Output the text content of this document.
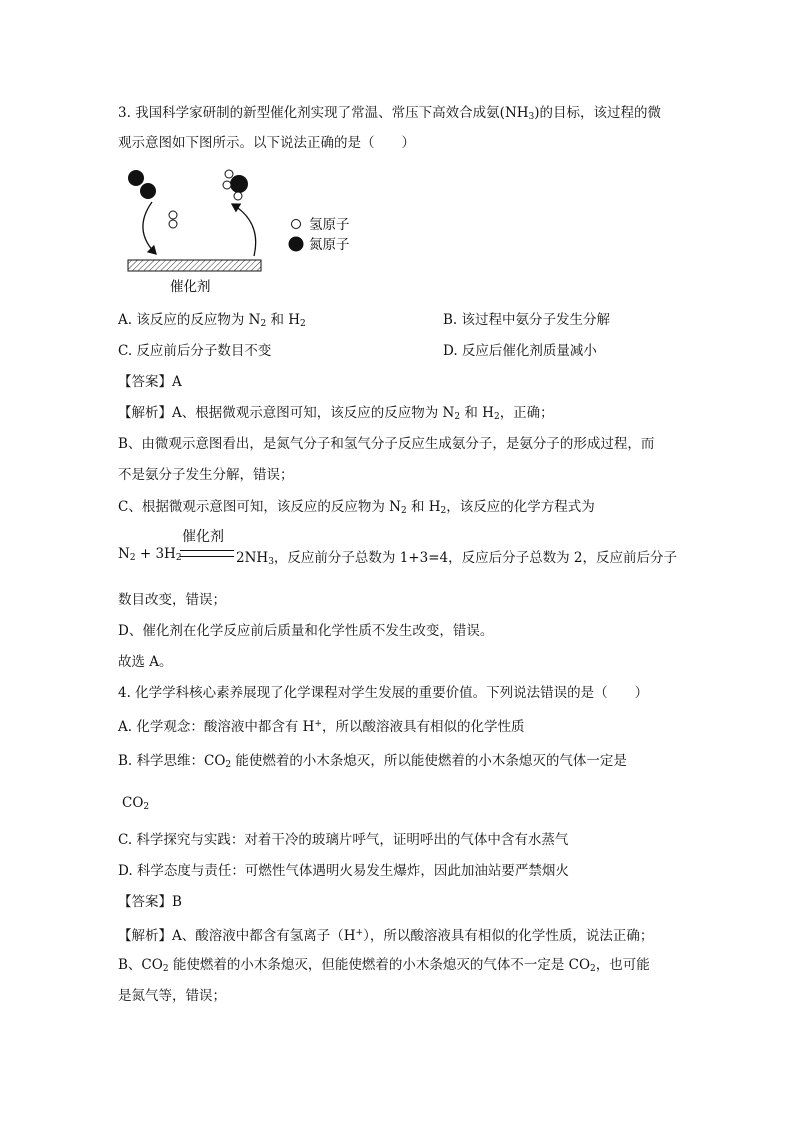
3. 我国科学家研制的新型催化剂实现了常温、常压下高效合成氨$(NH_3)$的目标，该过程的微
观示意图如下图所示。以下说法正确的是（　　）
氢原子
氮原子
催化剂
A. 该反应的反应物为 $N_2$ 和 $H_2$	B. 该过程中氨分子发生分解
C. 反应前后分子数目不变	D. 反应后催化剂质量减小
【答案】A
【解析】A、根据微观示意图可知，该反应的反应物为 $N_2$ 和 $H_2$，正确；
B、由微观示意图看出，是氮气分子和氢气分子反应生成氨分子，是氨分子的形成过程，而
不是氨分子发生分解，错误；
C、根据微观示意图可知，该反应的反应物为 $N_2$ 和 $H_2$，该反应的化学方程式为
$N_2 + 3H_2$
催化剂
$2NH_3$，反应前分子总数为 1+3=4，反应后分子总数为 2，反应前后分子
数目改变，错误；
D、催化剂在化学反应前后质量和化学性质不发生改变，错误。
故选 A。
4. 化学学科核心素养展现了化学课程对学生发展的重要价值。下列说法错误的是（　　）
A. 化学观念：酸溶液中都含有 H+，所以酸溶液具有相似的化学性质
B. 科学思维：$CO_2$ 能使燃着的小木条熄灭，所以能使燃着的小木条熄灭的气体一定是
$CO_2$
C. 科学探究与实践：对着干冷的玻璃片呼气，证明呼出的气体中含有水蒸气
D. 科学态度与责任：可燃性气体遇明火易发生爆炸，因此加油站要严禁烟火
【答案】B
【解析】A、酸溶液中都含有氢离子（H+），所以酸溶液具有相似的化学性质，说法正确；
B、$CO_2$ 能使燃着的小木条熄灭，但能使燃着的小木条熄灭的气体不一定是 $CO_2$，也可能
是氮气等，错误；
